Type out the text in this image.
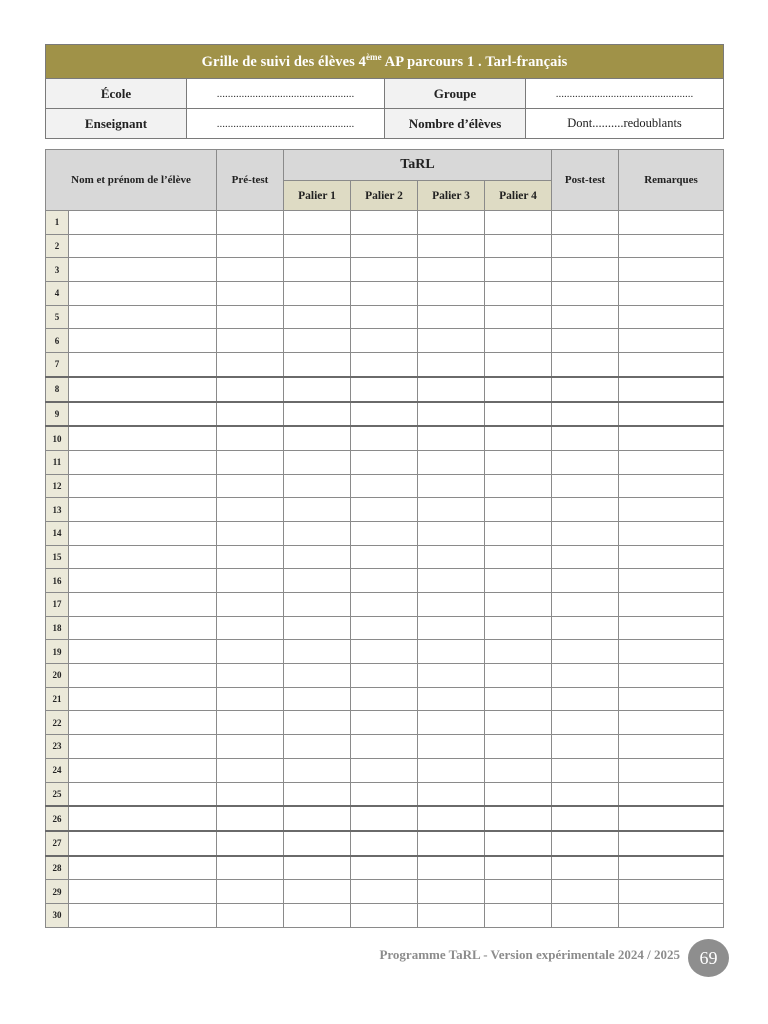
Grille de suivi des élèves 4ème AP parcours 1 . Tarl-français			
École	..................................................	Groupe	..................................................
Enseignant	..................................................	Nombre d’élèves	Dont..........redoublants
Nom et prénom de l’élève		Pré-test	TaRL				Post-test	Remarques
			Palier 1	Palier 2	Palier 3	Palier 4		
1								
2								
3								
4								
5								
6								
7								
8								
9								
10								
11								
12								
13								
14								
15								
16								
17								
18								
19								
20								
21								
22								
23								
24								
25								
26								
27								
28								
29								
30								
Programme TaRL - Version expérimentale 2024 / 2025	69
